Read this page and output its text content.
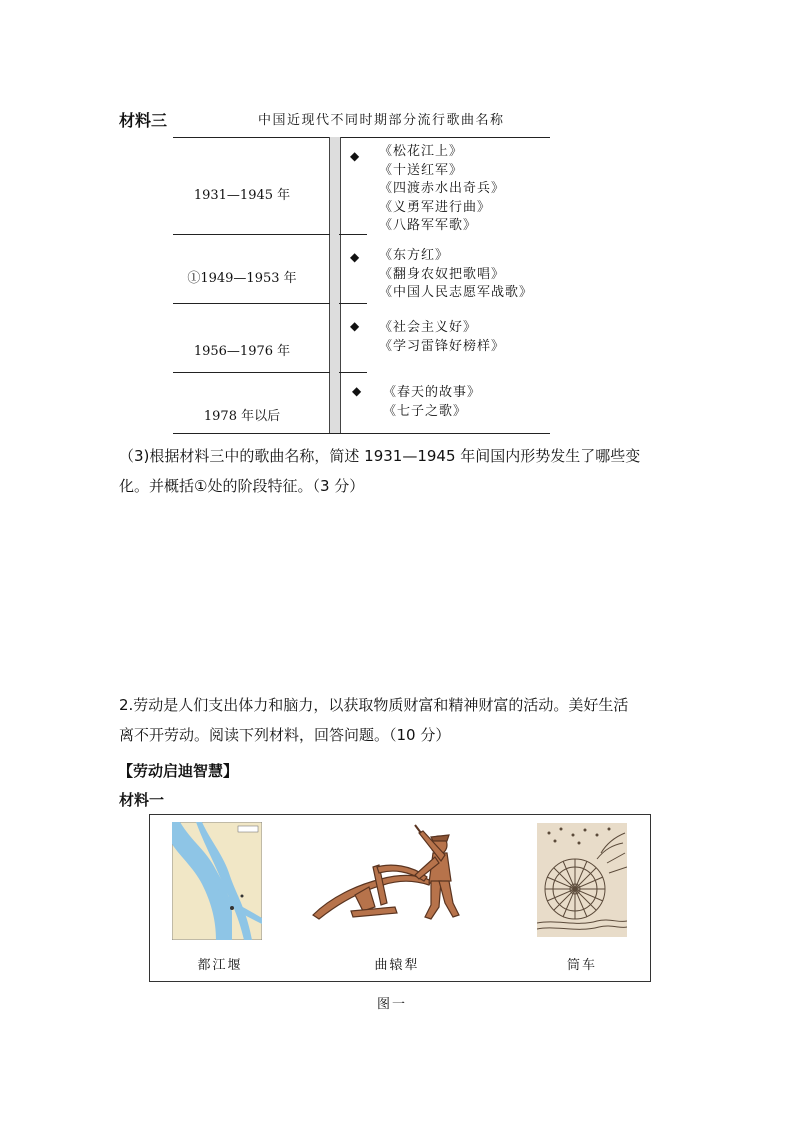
材料三	中国近现代不同时期部分流行歌曲名称
1931—1945 年
◆ 《松花江上》
《十送红军》
《四渡赤水出奇兵》
《义勇军进行曲》
《八路军军歌》
①1949—1953 年
◆ 《东方红》
《翻身农奴把歌唱》
《中国人民志愿军战歌》
1956—1976 年
◆ 《社会主义好》
《学习雷锋好榜样》
1978 年以后
◆ 《春天的故事》
《七子之歌》
（3)根据材料三中的歌曲名称，简述 1931—1945 年间国内形势发生了哪些变
化。并概括①处的阶段特征。（3 分）
2.劳动是人们支出体力和脑力，以获取物质财富和精神财富的活动。美好生活
离不开劳动。阅读下列材料，回答问题。（10 分）
【劳动启迪智慧】
材料一
都江堰	曲辕犁	筒车
图一
